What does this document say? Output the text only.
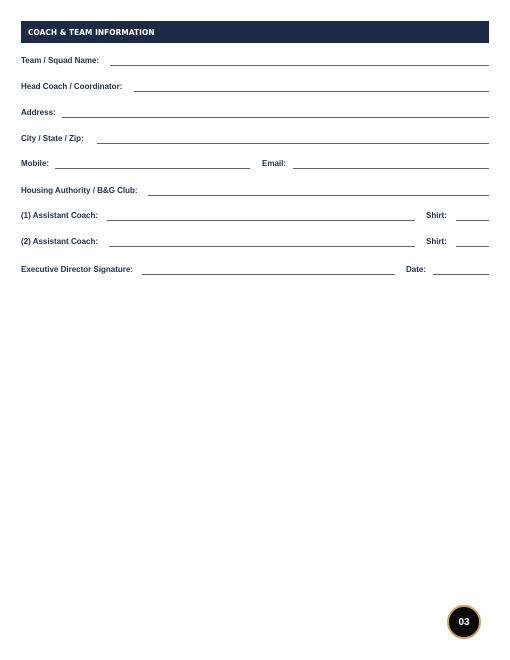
COACH & TEAM INFORMATION
Team / Squad Name:
Head Coach / Coordinator:
Address:
City / State / Zip:
Mobile:	Email:
Housing Authority / B&G Club:
(1) Assistant Coach:	Shirt:
(2) Assistant Coach:	Shirt:
Executive Director Signature:	Date:
03
